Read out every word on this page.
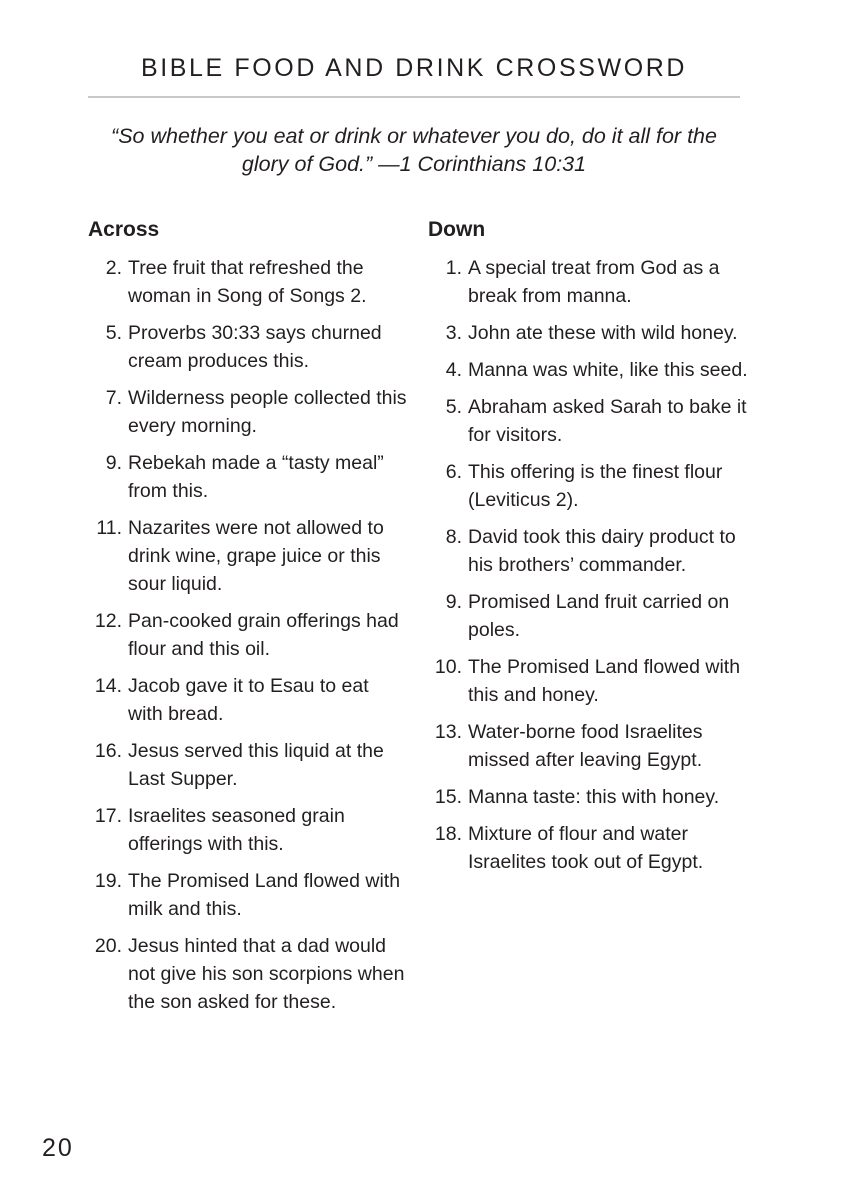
BIBLE FOOD AND DRINK CROSSWORD

“So whether you eat or drink or whatever you do, do it all for the glory of God.” —1 Corinthians 10:31

Across
2. Tree fruit that refreshed the woman in Song of Songs 2.
5. Proverbs 30:33 says churned cream produces this.
7. Wilderness people collected this every morning.
9. Rebekah made a “tasty meal” from this.
11. Nazarites were not allowed to drink wine, grape juice or this sour liquid.
12. Pan-cooked grain offerings had flour and this oil.
14. Jacob gave it to Esau to eat with bread.
16. Jesus served this liquid at the Last Supper.
17. Israelites seasoned grain offerings with this.
19. The Promised Land flowed with milk and this.
20. Jesus hinted that a dad would not give his son scorpions when the son asked for these.
Down
1. A special treat from God as a break from manna.
3. John ate these with wild honey.
4. Manna was white, like this seed.
5. Abraham asked Sarah to bake it for visitors.
6. This offering is the finest flour (Leviticus 2).
8. David took this dairy product to his brothers’ commander.
9. Promised Land fruit carried on poles.
10. The Promised Land flowed with this and honey.
13. Water-borne food Israelites missed after leaving Egypt.
15. Manna taste: this with honey.
18. Mixture of flour and water Israelites took out of Egypt.

20
